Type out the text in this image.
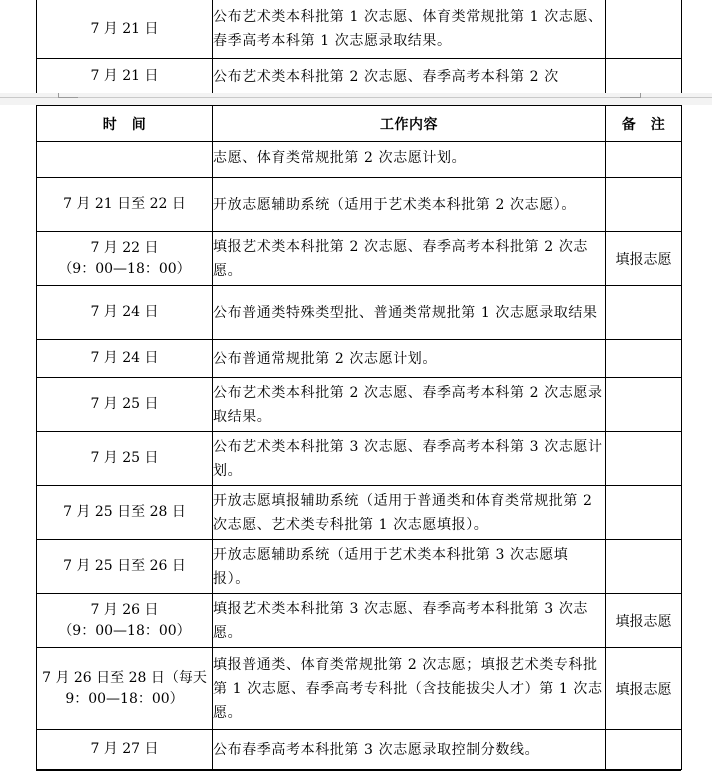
7 月 21 日	公布艺术类本科批第 1 次志愿、体育类常规批第 1 次志愿、春季高考本科第 1 次志愿录取结果。	
7 月 21 日	公布艺术类本科批第 2 次志愿、春季高考本科第 2 次	
时　间	工作内容	备　注
	志愿、体育类常规批第 2 次志愿计划。	
7 月 21 日至 22 日	开放志愿辅助系统（适用于艺术类本科批第 2 次志愿）。	
7 月 22 日
（9：00—18：00）	填报艺术类本科批第 2 次志愿、春季高考本科批第 2 次志愿。	填报志愿
7 月 24 日	公布普通类特殊类型批、普通类常规批第 1 次志愿录取结果	
7 月 24 日	公布普通常规批第 2 次志愿计划。	
7 月 25 日	公布艺术类本科批第 2 次志愿、春季高考本科第 2 次志愿录取结果。	
7 月 25 日	公布艺术类本科批第 3 次志愿、春季高考本科第 3 次志愿计划。	
7 月 25 日至 28 日	开放志愿填报辅助系统（适用于普通类和体育类常规批第 2 次志愿、艺术类专科批第 1 次志愿填报）。	
7 月 25 日至 26 日	开放志愿辅助系统（适用于艺术类本科批第 3 次志愿填报）。	
7 月 26 日
（9：00—18：00）	填报艺术类本科批第 3 次志愿、春季高考本科批第 3 次志愿。	填报志愿
7 月 26 日至 28 日（每天 9：00—18：00）	填报普通类、体育类常规批第 2 次志愿；填报艺术类专科批第 1 次志愿、春季高考专科批（含技能拔尖人才）第 1 次志愿。	填报志愿
7 月 27 日	公布春季高考本科批第 3 次志愿录取控制分数线。	
